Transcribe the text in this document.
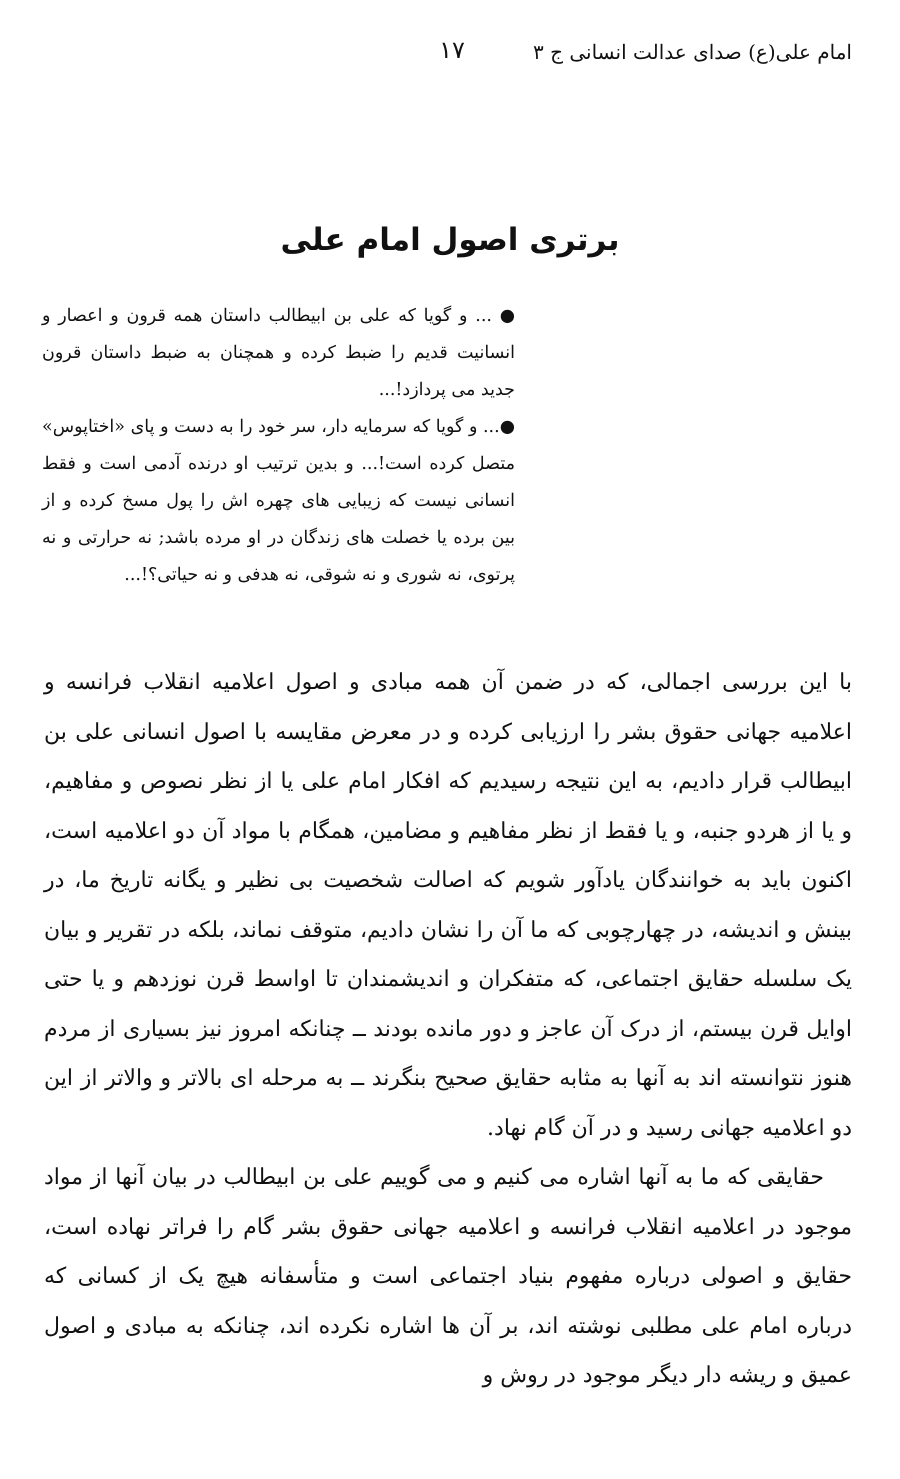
امام علی(ع) صدای عدالت انسانی ج ۳
۱۷
برتری اصول امام علی
● ... و گویا که علی بن ابیطالب داستان همه قرون و اعصار و انسانیت قدیم را ضبط کرده و همچنان به ضبط داستان قرون جدید می پردازد!...
●... و گویا که سرمایه دار، سر خود را به دست و پای «اختاپوس» متصل کرده است!... و بدین ترتیب او درنده آدمی است و فقط انسانی نیست که زیبایی های چهره اش را پول مسخ کرده و از بین برده یا خصلت های زندگان در او مرده باشد; نه حرارتی و نه پرتوی، نه شوری و نه شوقی، نه هدفی و نه حیاتی؟!...

با این بررسی اجمالی، که در ضمن آن همه مبادی و اصول اعلامیه انقلاب فرانسه و اعلامیه جهانی حقوق بشر را ارزیابی کرده و در معرض مقایسه با اصول انسانی علی بن ابیطالب قرار دادیم، به این نتیجه رسیدیم که افکار امام علی یا از نظر نصوص و مفاهیم، و یا از هردو جنبه، و یا فقط از نظر مفاهیم و مضامین، همگام با مواد آن دو اعلامیه است، اکنون باید به خوانندگان یادآور شویم که اصالت شخصیت بی نظیر و یگانه تاریخ ما، در بینش و اندیشه، در چهارچوبی که ما آن را نشان دادیم، متوقف نماند، بلکه در تقریر و بیان یک سلسله حقایق اجتماعی، که متفکران و اندیشمندان تا اواسط قرن نوزدهم و یا حتی اوایل قرن بیستم، از درک آن عاجز و دور مانده بودند ــ چنانکه امروز نیز بسیاری از مردم هنوز نتوانسته اند به آنها به مثابه حقایق صحیح بنگرند ــ به مرحله ای بالاتر و والاتر از این دو اعلامیه جهانی رسید و در آن گام نهاد.

حقایقی که ما به آنها اشاره می کنیم و می گوییم علی بن ابیطالب در بیان آنها از مواد موجود در اعلامیه انقلاب فرانسه و اعلامیه جهانی حقوق بشر گام را فراتر نهاده است، حقایق و اصولی درباره مفهوم بنیاد اجتماعی است و متأسفانه هیچ یک از کسانی که درباره امام علی مطلبی نوشته اند، بر آن ها اشاره نکرده اند، چنانکه به مبادی و اصول عمیق و ریشه دار دیگر موجود در روش و
